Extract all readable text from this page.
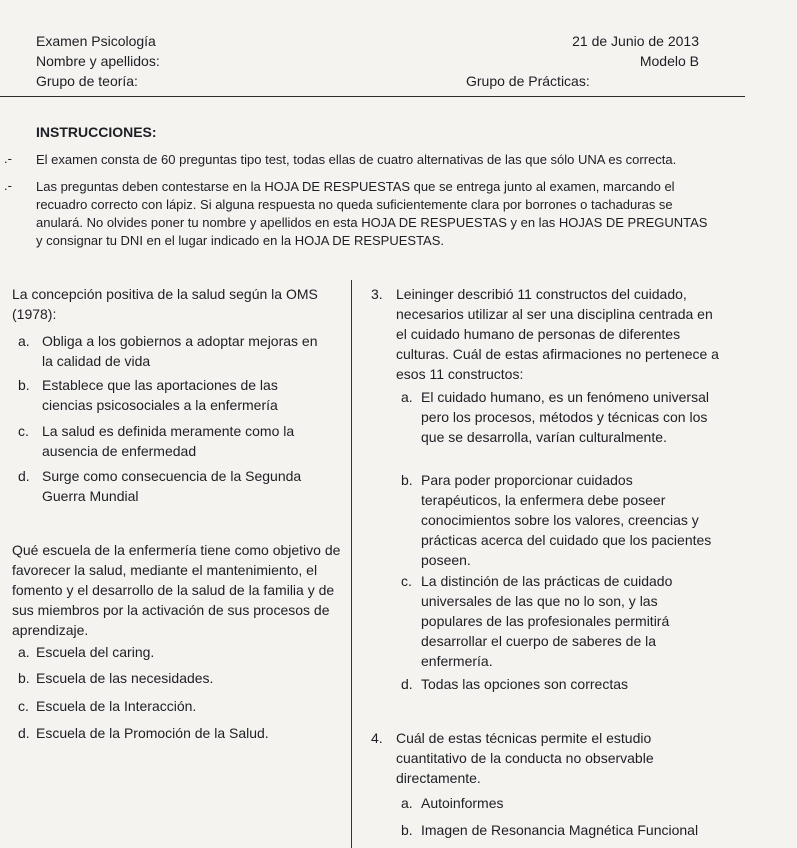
Examen Psicología
Nombre y apellidos:
Grupo de teoría:
21 de Junio de 2013
Modelo B
Grupo de Prácticas:
INSTRUCCIONES:
.- El examen consta de 60 preguntas tipo test, todas ellas de cuatro alternativas de las que sólo UNA es correcta.
.- Las preguntas deben contestarse en la HOJA DE RESPUESTAS que se entrega junto al examen, marcando el recuadro correcto con lápiz. Si alguna respuesta no queda suficientemente clara por borrones o tachaduras se anulará. No olvides poner tu nombre y apellidos en esta HOJA DE RESPUESTAS y en las HOJAS DE PREGUNTAS y consignar tu DNI en el lugar indicado en la HOJA DE RESPUESTAS.
La concepción positiva de la salud según la OMS (1978):
a. Obliga a los gobiernos a adoptar mejoras en la calidad de vida
b. Establece que las aportaciones de las ciencias psicosociales a la enfermería
c. La salud es definida meramente como la ausencia de enfermedad
d. Surge como consecuencia de la Segunda Guerra Mundial
Qué escuela de la enfermería tiene como objetivo de favorecer la salud, mediante el mantenimiento, el fomento y el desarrollo de la salud de la familia y de sus miembros por la activación de sus procesos de aprendizaje.
a. Escuela del caring.
b. Escuela de las necesidades.
c. Escuela de la Interacción.
d. Escuela de la Promoción de la Salud.
3. Leininger describió 11 constructos del cuidado, necesarios utilizar al ser una disciplina centrada en el cuidado humano de personas de diferentes culturas. Cuál de estas afirmaciones no pertenece a esos 11 constructos:
a. El cuidado humano, es un fenómeno universal pero los procesos, métodos y técnicas con los que se desarrolla, varían culturalmente.
b. Para poder proporcionar cuidados terapéuticos, la enfermera debe poseer conocimientos sobre los valores, creencias y prácticas acerca del cuidado que los pacientes poseen.
c. La distinción de las prácticas de cuidado universales de las que no lo son, y las populares de las profesionales permitirá desarrollar el cuerpo de saberes de la enfermería.
d. Todas las opciones son correctas
4. Cuál de estas técnicas permite el estudio cuantitativo de la conducta no observable directamente.
a. Autoinformes
b. Imagen de Resonancia Magnética Funcional
